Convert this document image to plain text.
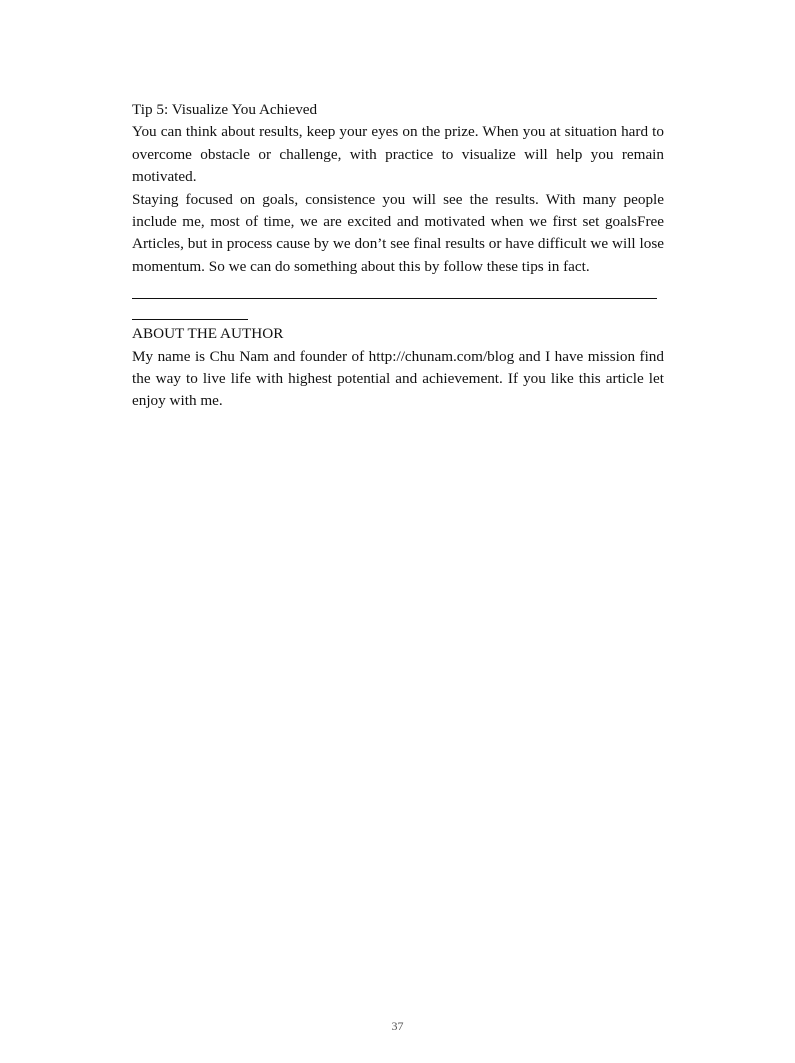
Tip 5: Visualize You Achieved

You can think about results, keep your eyes on the prize. When you at situation hard to overcome obstacle or challenge, with practice to visualize will help you remain motivated.

Staying focused on goals, consistence you will see the results. With many people include me, most of time, we are excited and motivated when we first set goalsFree Articles, but in process cause by we don’t see final results or have difficult we will lose momentum. So we can do something about this by follow these tips in fact.

ABOUT THE AUTHOR

My name is Chu Nam and founder of http://chunam.com/blog and I have mission find the way to live life with highest potential and achievement. If you like this article let enjoy with me.

37
